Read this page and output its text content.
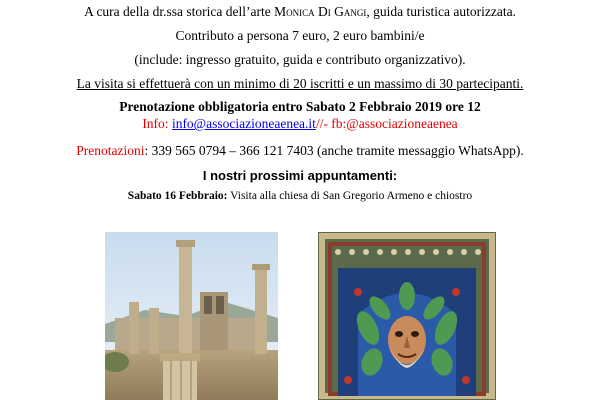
A cura della dr.ssa storica dell’arte Monica Di Gangi, guida turistica autorizzata.
Contributo a persona 7 euro, 2 euro bambini/e
(include: ingresso gratuito, guida e contributo organizzativo).
La visita si effettuerà con un minimo di 20 iscritti e un massimo di 30 partecipanti.
Prenotazione obbligatoria entro Sabato 2 Febbraio 2019 ore 12
Info: info@associazioneaenea.it//- fb:@associazioneaenea
Prenotazioni: 339 565 0794 – 366 121 7403 (anche tramite messaggio WhatsApp).
I nostri prossimi appuntamenti:
Sabato 16 Febbraio: Visita alla chiesa di San Gregorio Armeno e chiostro
